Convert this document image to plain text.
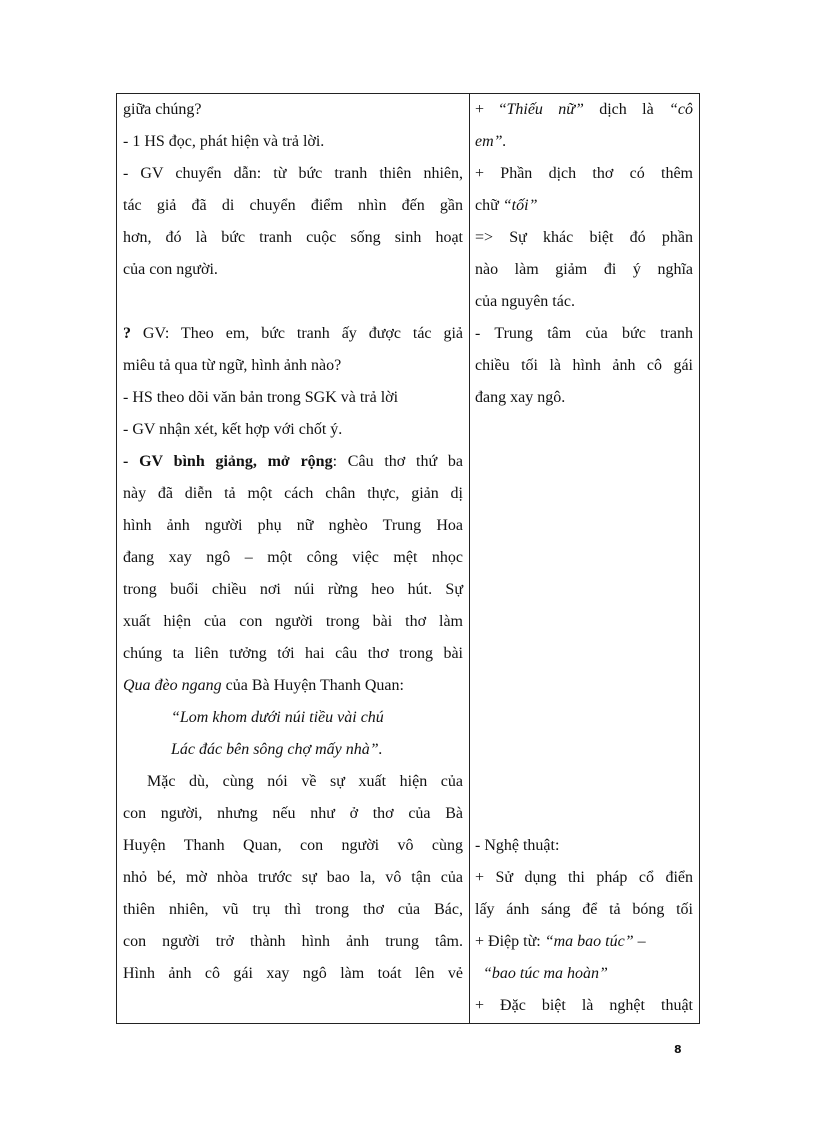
giữa chúng?
- 1 HS đọc, phát hiện và trả lời.
- GV chuyển dẫn: từ bức tranh thiên nhiên,
tác giả đã di chuyển điểm nhìn đến gần
hơn, đó là bức tranh cuộc sống sinh hoạt
của con người.
? GV: Theo em, bức tranh ấy được tác giả
miêu tả qua từ ngữ, hình ảnh nào?
- HS theo dõi văn bản trong SGK và trả lời
- GV nhận xét, kết hợp với chốt ý.
- GV bình giảng, mở rộng: Câu thơ thứ ba
này đã diễn tả một cách chân thực, giản dị
hình ảnh người phụ nữ nghèo Trung Hoa
đang xay ngô – một công việc mệt nhọc
trong buổi chiều nơi núi rừng heo hút. Sự
xuất hiện của con người trong bài thơ làm
chúng ta liên tưởng tới hai câu thơ trong bài
Qua đèo ngang của Bà Huyện Thanh Quan:
“Lom khom dưới núi tiều vài chú
Lác đác bên sông chợ mấy nhà”.
Mặc dù, cùng nói về sự xuất hiện của
con người, nhưng nếu như ở thơ của Bà
Huyện Thanh Quan, con người vô cùng
nhỏ bé, mờ nhòa trước sự bao la, vô tận của
thiên nhiên, vũ trụ thì trong thơ của Bác,
con người trở thành hình ảnh trung tâm.
Hình ảnh cô gái xay ngô làm toát lên vẻ
+ “Thiếu nữ” dịch là “cô
em”.
+ Phần dịch thơ có thêm
chữ “tối”
=> Sự khác biệt đó phần
nào làm giảm đi ý nghĩa
của nguyên tác.
- Trung tâm của bức tranh
chiều tối là hình ảnh cô gái
đang xay ngô.
- Nghệ thuật:
+ Sử dụng thi pháp cổ điển
lấy ánh sáng để tả bóng tối
+ Điệp từ: “ma bao túc” –
“bao túc ma hoàn”
+ Đặc biệt là nghệt thuật
8
